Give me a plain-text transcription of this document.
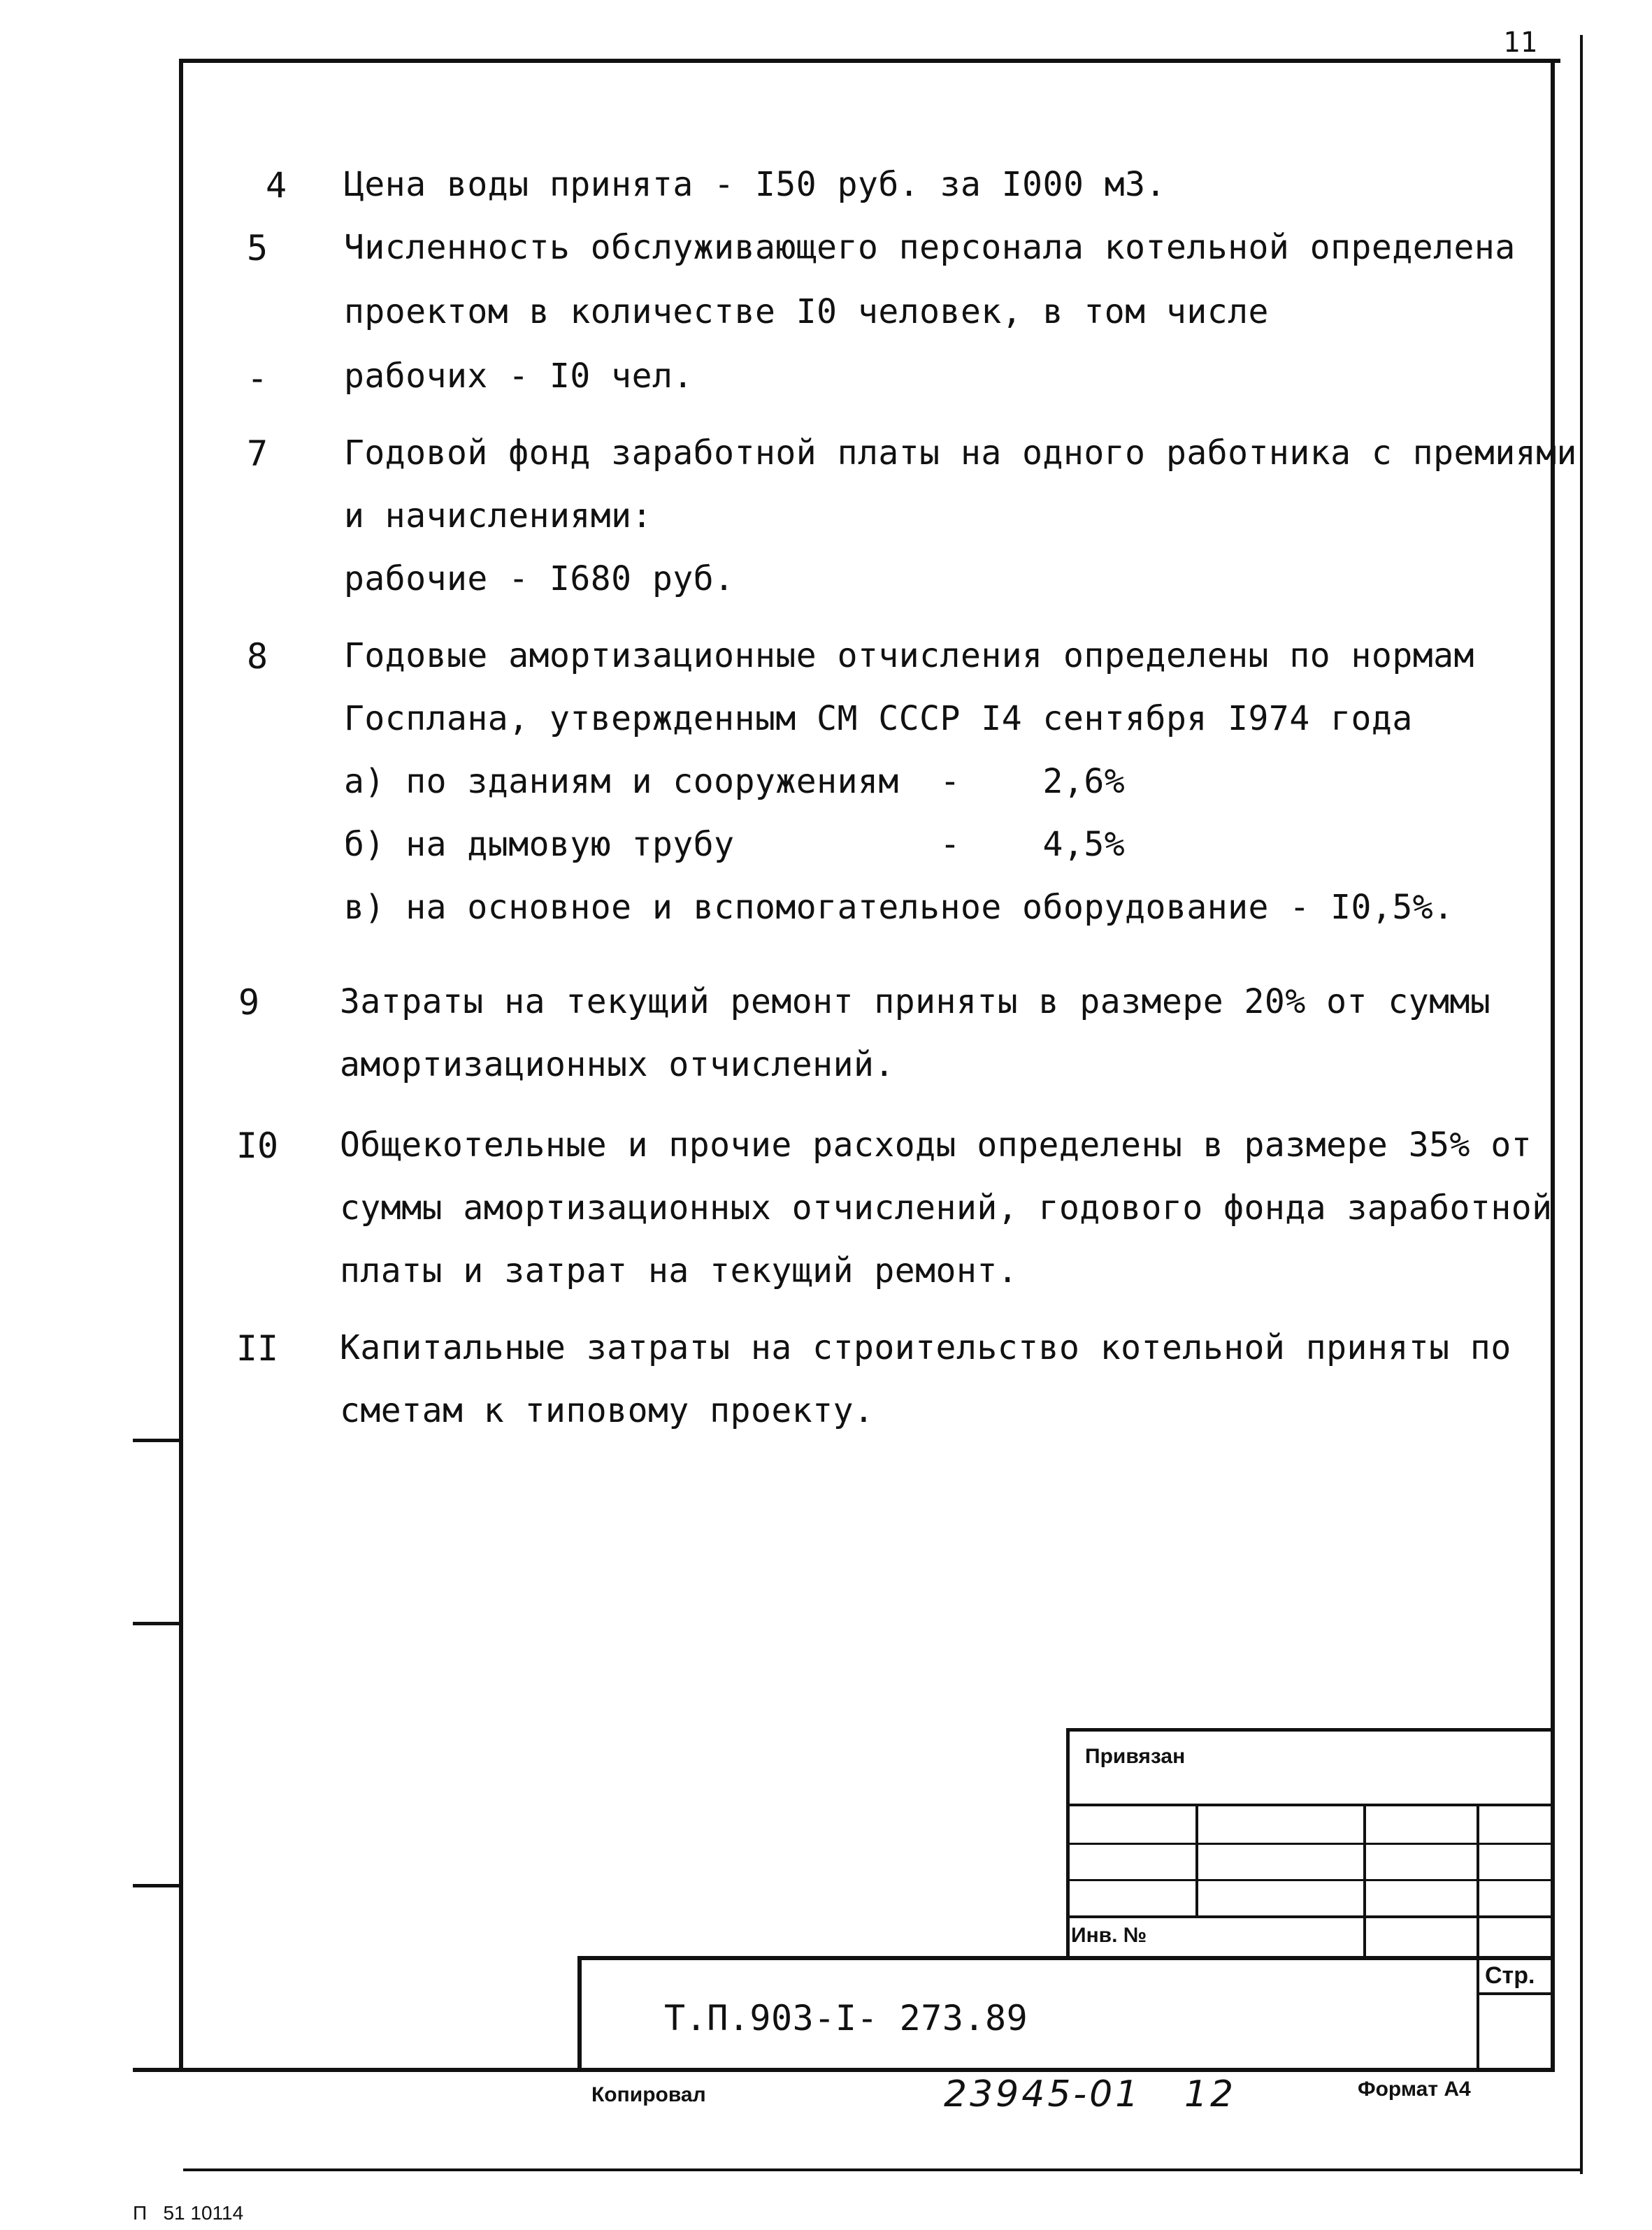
11
4	Цена воды принята - I50 руб. за I000 м3.
5	Численность обслуживающего персонала котельной определена
проектом в количестве I0 человек, в том числе
-	рабочих - I0 чел.
7	Годовой фонд заработной платы на одного работника с премиями
и начислениями:
рабочие - I680 руб.
8	Годовые амортизационные отчисления определены по нормам
Госплана, утвержденным СМ СССР I4 сентября I974 года
а) по зданиям и сооружениям  -    2,6%
б) на дымовую трубу          -    4,5%
в) на основное и вспомогательное оборудование - I0,5%.
9	Затраты на текущий ремонт приняты в размере 20% от суммы
амортизационных отчислений.
I0	Общекотельные и прочие расходы определены в размере 35% от
суммы амортизационных отчислений, годового фонда заработной
платы и затрат на текущий ремонт.
II	Капитальные затраты на строительство котельной приняты по
сметам к типовому проекту.
Привязан
Инв. №
Стр.
Т.П.903-I- 273.89
Копировал	23945-01   12	Формат А4
П   51 10114
